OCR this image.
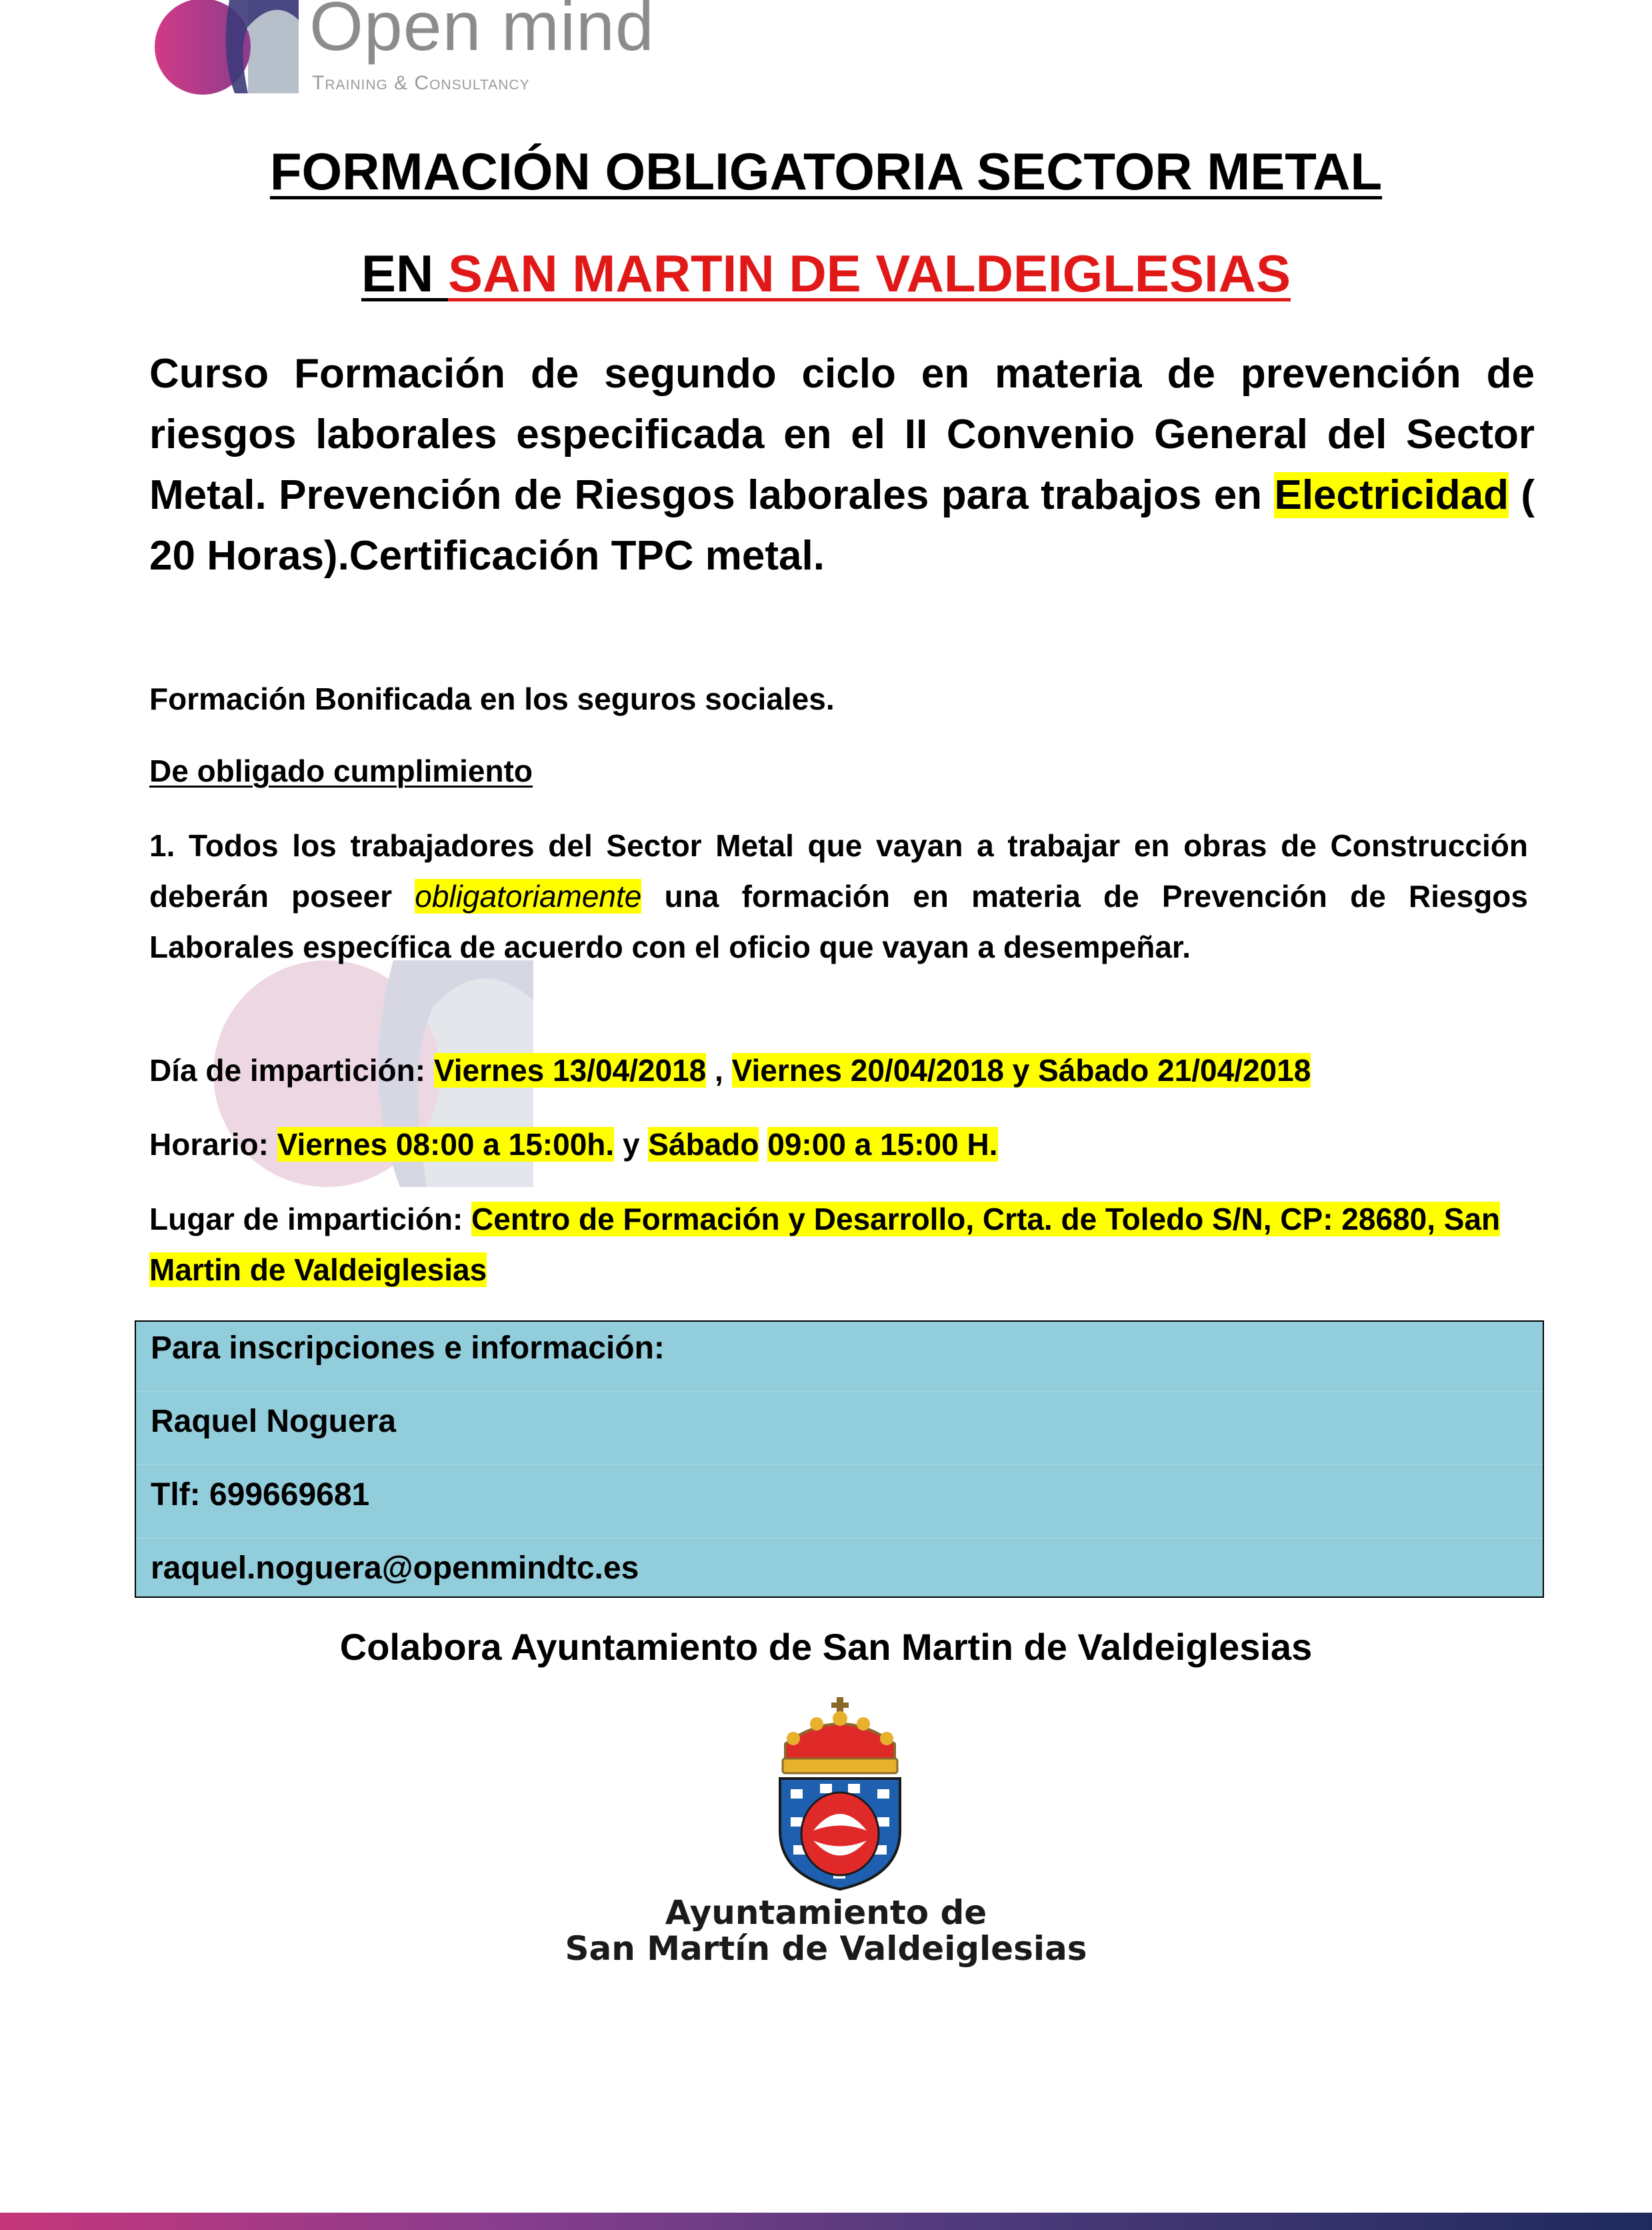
Open mind
Training & Consultancy
FORMACIÓN OBLIGATORIA SECTOR METAL
EN SAN MARTIN DE VALDEIGLESIAS
Curso Formación de segundo ciclo en materia de prevención de riesgos laborales especificada en el II Convenio General del Sector Metal. Prevención de Riesgos laborales para trabajos en Electricidad ( 20 Horas).Certificación TPC metal.
Formación Bonificada en los seguros sociales.
De obligado cumplimiento
1. Todos los trabajadores del Sector Metal que vayan a trabajar en obras de Construcción deberán poseer obligatoriamente una formación en materia de Prevención de Riesgos Laborales específica de acuerdo con el oficio que vayan a desempeñar.
Día de impartición: Viernes 13/04/2018 , Viernes 20/04/2018 y Sábado 21/04/2018
Horario: Viernes 08:00 a 15:00h. y Sábado 09:00 a 15:00 H.
Lugar de impartición: Centro de Formación y Desarrollo, Crta. de Toledo S/N, CP: 28680, San Martin de Valdeiglesias
Para inscripciones e información:
Raquel Noguera
Tlf: 699669681
raquel.noguera@openmindtc.es
Colabora Ayuntamiento de San Martin de Valdeiglesias
Ayuntamiento de
San Martín de Valdeiglesias
